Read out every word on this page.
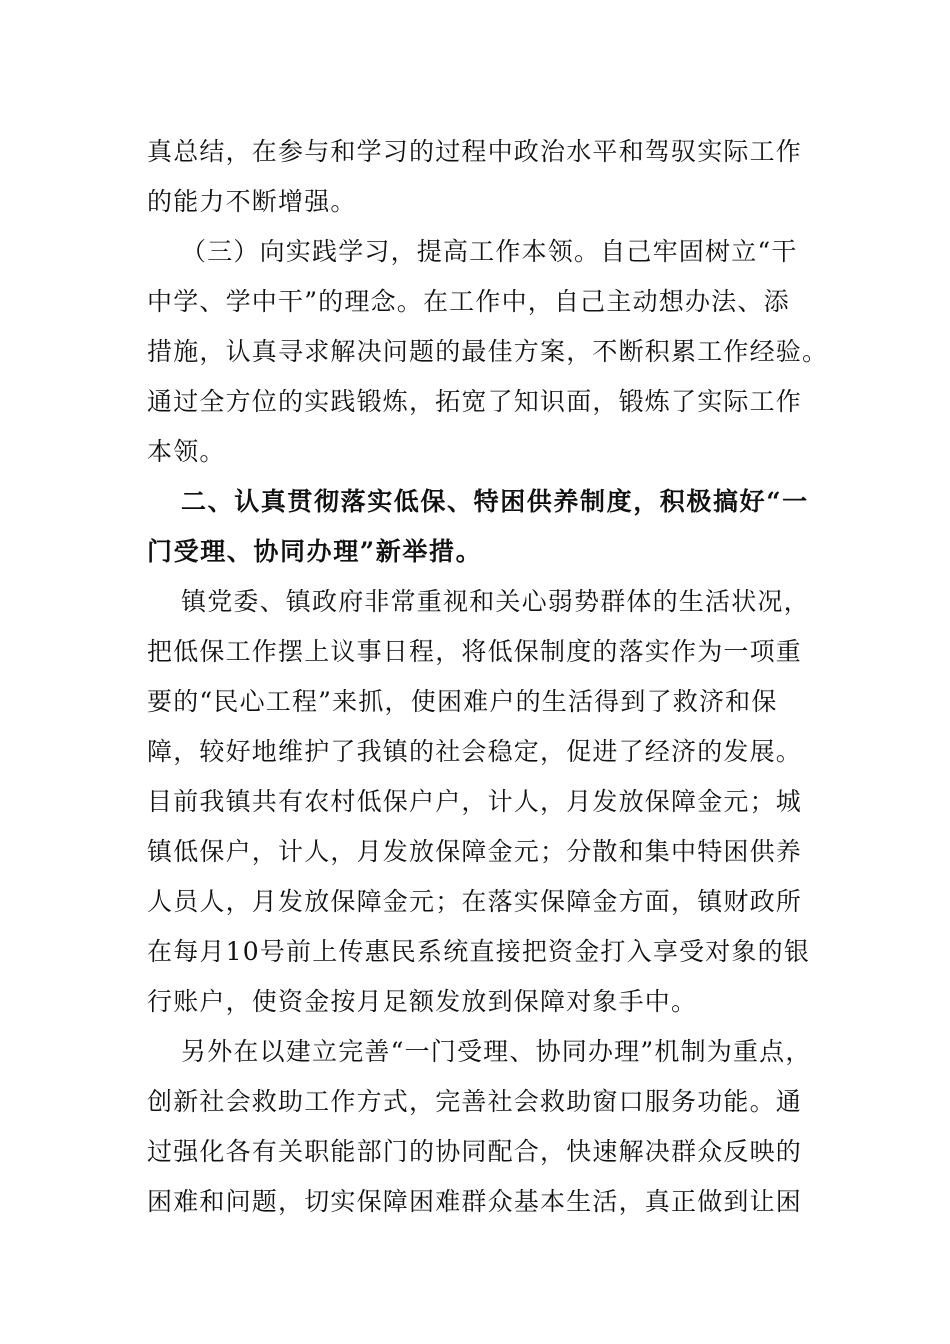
真总结，在参与和学习的过程中政治水平和驾驭实际工作
的能力不断增强。
（三）向实践学习，提高工作本领。自己牢固树立“干
中学、学中干”的理念。在工作中，自己主动想办法、添
措施，认真寻求解决问题的最佳方案，不断积累工作经验。
通过全方位的实践锻炼，拓宽了知识面，锻炼了实际工作
本领。
二、认真贯彻落实低保、特困供养制度，积极搞好“一
门受理、协同办理”新举措。
镇党委、镇政府非常重视和关心弱势群体的生活状况，
把低保工作摆上议事日程，将低保制度的落实作为一项重
要的“民心工程”来抓，使困难户的生活得到了救济和保
障，较好地维护了我镇的社会稳定，促进了经济的发展。
目前我镇共有农村低保户户，计人，月发放保障金元；城
镇低保户，计人，月发放保障金元；分散和集中特困供养
人员人，月发放保障金元；在落实保障金方面，镇财政所
在每月10号前上传惠民系统直接把资金打入享受对象的银
行账户，使资金按月足额发放到保障对象手中。
另外在以建立完善“一门受理、协同办理”机制为重点，
创新社会救助工作方式，完善社会救助窗口服务功能。通
过强化各有关职能部门的协同配合，快速解决群众反映的
困难和问题，切实保障困难群众基本生活，真正做到让困
